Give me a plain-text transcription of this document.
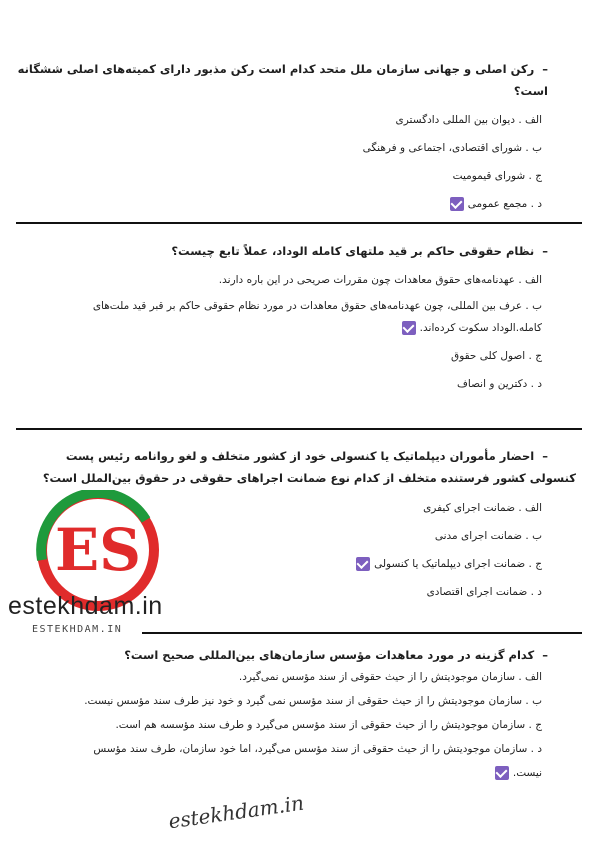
–رکن اصلی و جهانی سازمان ملل متحد کدام است رکن مذبور دارای کمیته‌های اصلی ششگانه است؟

الف . دیوان بین المللی دادگستری

ب . شورای اقتصادی، اجتماعی و فرهنگی

ج . شورای قیمومیت

د . مجمع عمومی

–نظام حقوقی حاکم بر قید ملتهای کامله الوداد، عملاً تابع چیست؟

الف . عهدنامه‌های حقوق معاهدات چون مقررات صریحی در این باره دارند.

ب . عرف بین المللی، چون عهدنامه‌های حقوق معاهدات در مورد نظام حقوقی حاکم بر قبر قید ملت‌های

کامله.الوداد سکوت کرده‌اند.

ج . اصول کلی حقوق

د . دکترین و انصاف

–احضار مأموران دیپلماتیک یا کنسولی خود از کشور متخلف و لغو روانامه رئیس پست

کنسولی کشور فرستنده متخلف از کدام نوع ضمانت اجراهای حقوقی در حقوق بین‌الملل است؟

الف . ضمانت اجرای کیفری

ب . ضمانت اجرای مدنی

ج . ضمانت اجرای دیپلماتیک یا کنسولی

د . ضمانت اجرای اقتصادی

–کدام گزینه در مورد معاهدات مؤسس سازمان‌های بین‌المللی صحیح است؟

الف . سازمان موجودیتش را از حیث حقوقی از سند مؤسس نمی‌گیرد.

ب . سازمان موجودیتش را از حیث حقوقی از سند مؤسس نمی گیرد و خود نیز طرف سند مؤسس نیست.

ج . سازمان موجودیتش را از حیث حقوقی از سند مؤسس می‌گیرد و طرف سند مؤسسه هم است.

د . سازمان موجودیتش را از حیث حقوقی از سند مؤسس می‌گیرد، اما خود سازمان، طرف سند مؤسس

نیست.

ES
estekhdam.in
ESTEKHDAM.IN
estekhdam.in
